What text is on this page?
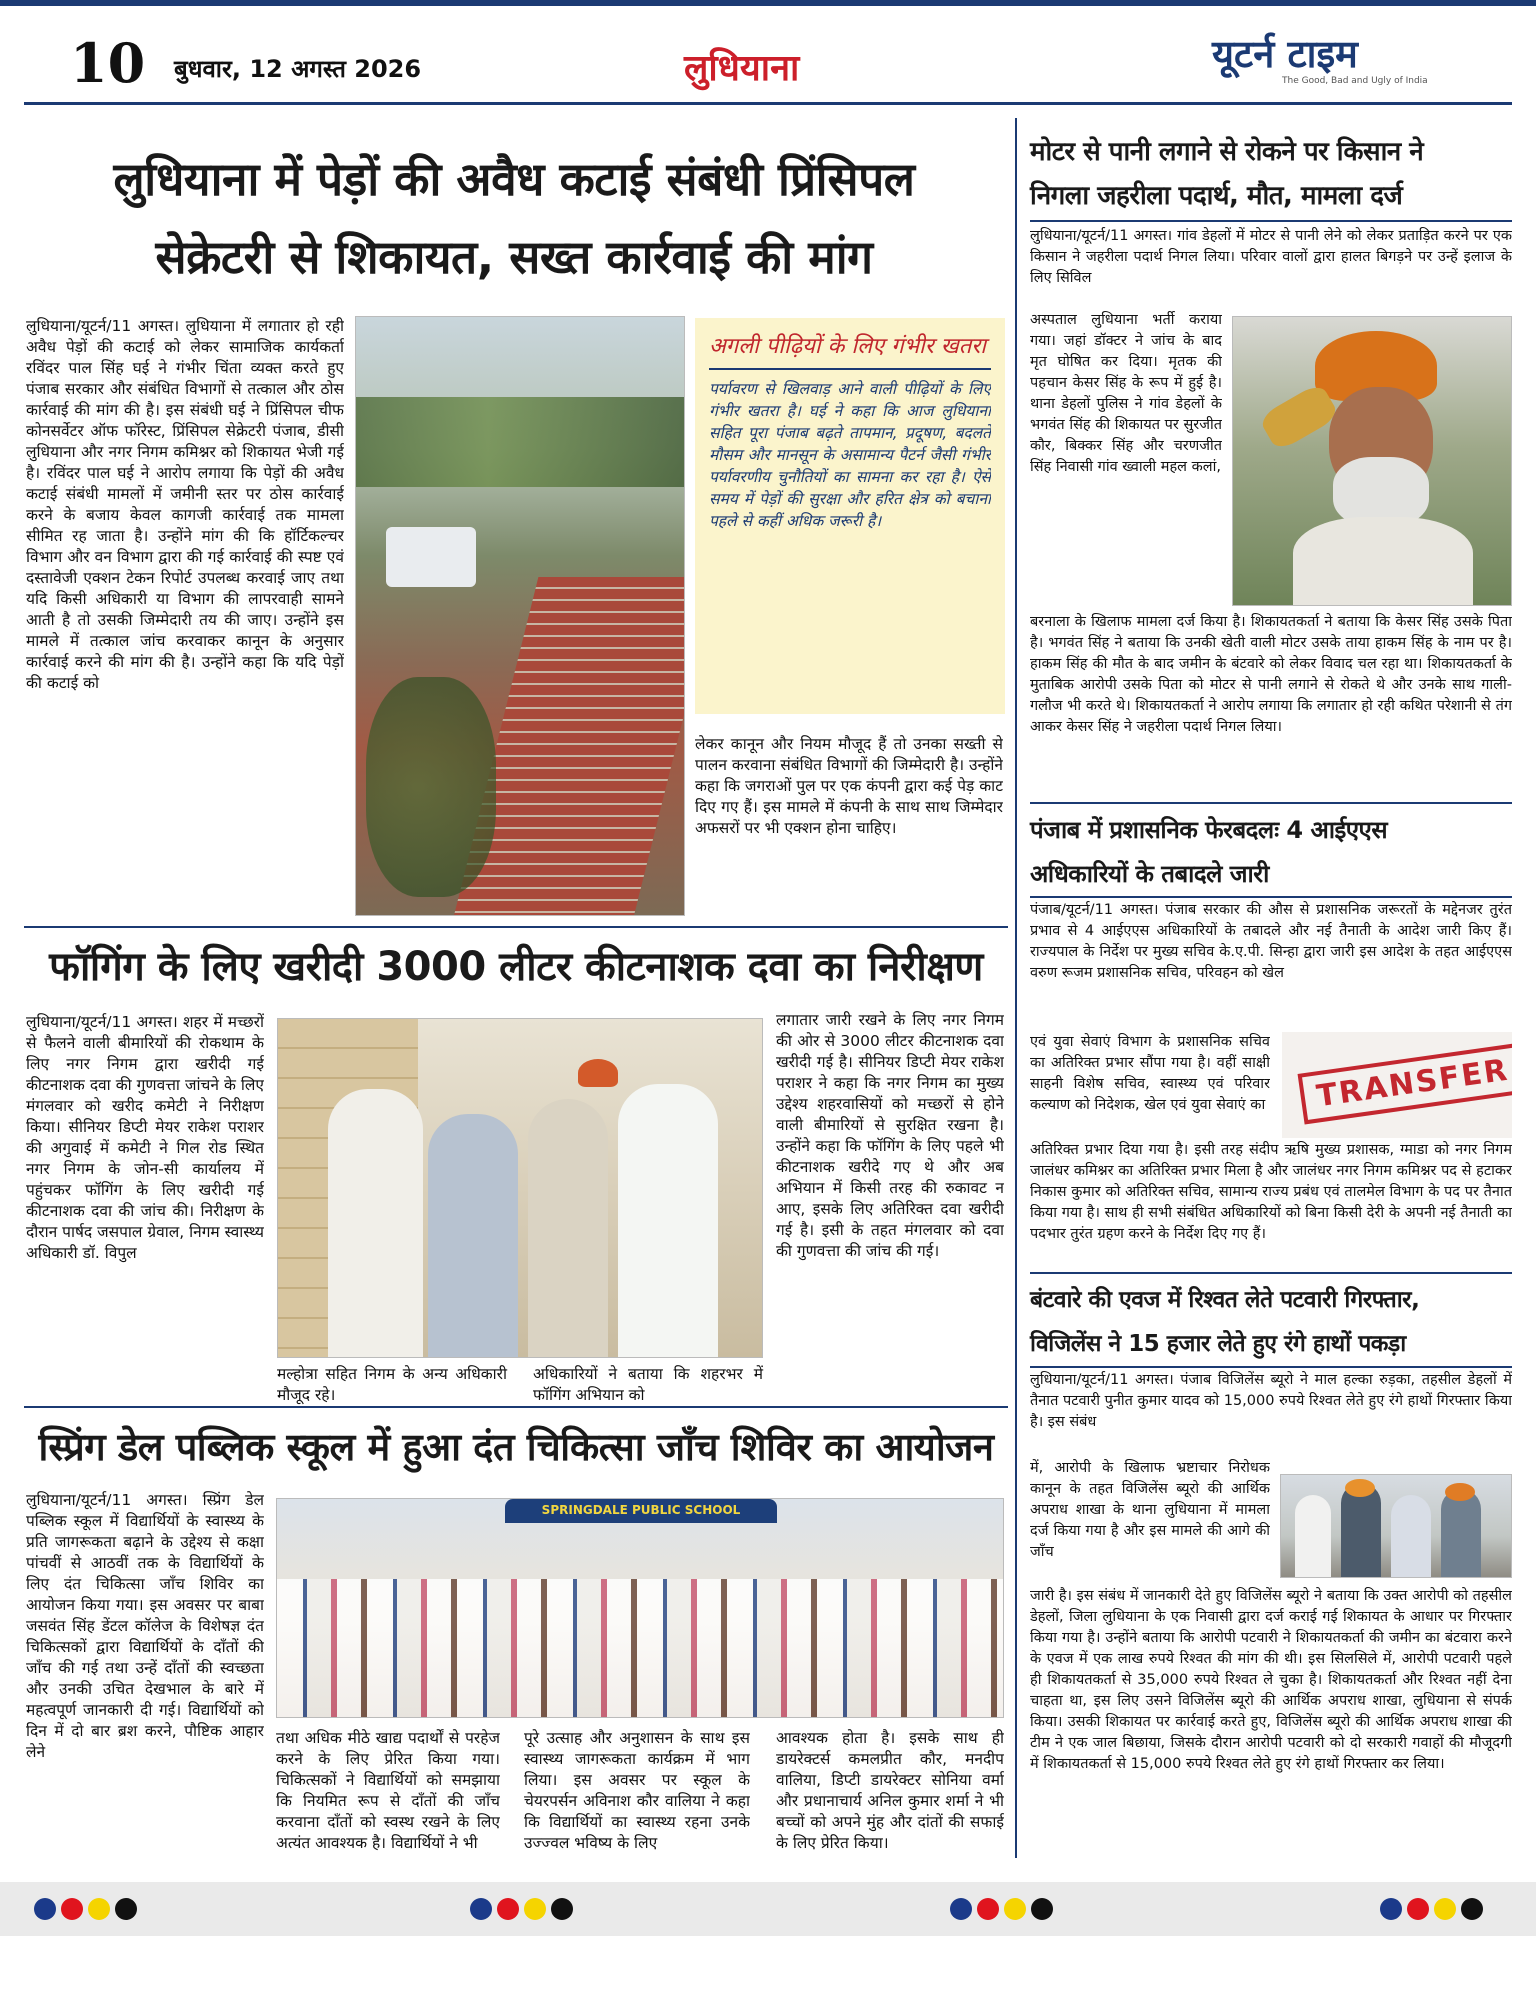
10 बुधवार, 12 अगस्त 2026	लुधियाना	यूटर्न टाइम
The Good, Bad and Ugly of India
लुधियाना में पेड़ों की अवैध कटाई संबंधी प्रिंसिपल
सेक्रेटरी से शिकायत, सख्त कार्रवाई की मांग
लुधियाना/यूटर्न/11 अगस्त। लुधियाना में लगातार हो रही अवैध पेड़ों की कटाई को लेकर सामाजिक कार्यकर्ता रविंदर पाल सिंह घई ने गंभीर चिंता व्यक्त करते हुए पंजाब सरकार और संबंधित विभागों से तत्काल और ठोस कार्रवाई की मांग की है। इस संबंधी घई ने प्रिंसिपल चीफ कोनसर्वेटर ऑफ फॉरेस्ट, प्रिंसिपल सेक्रेटरी पंजाब, डीसी लुधियाना और नगर निगम कमिश्नर को शिकायत भेजी गई है। रविंदर पाल घई ने आरोप लगाया कि पेड़ों की अवैध कटाई संबंधी मामलों में जमीनी स्तर पर ठोस कार्रवाई करने के बजाय केवल कागजी कार्रवाई तक मामला सीमित रह जाता है। उन्होंने मांग की कि हॉर्टिकल्चर विभाग और वन विभाग द्वारा की गई कार्रवाई की स्पष्ट एवं दस्तावेजी एक्शन टेकन रिपोर्ट उपलब्ध करवाई जाए तथा यदि किसी अधिकारी या विभाग की लापरवाही सामने आती है तो उसकी जिम्मेदारी तय की जाए। उन्होंने इस मामले में तत्काल जांच करवाकर कानून के अनुसार कार्रवाई करने की मांग की है। उन्होंने कहा कि यदि पेड़ों की कटाई को
अगली पीढ़ियों के लिए गंभीर खतरा
पर्यावरण से खिलवाड़ आने वाली पीढ़ियों के लिए गंभीर खतरा है। घई ने कहा कि आज लुधियाना सहित पूरा पंजाब बढ़ते तापमान, प्रदूषण, बदलते मौसम और मानसून के असामान्य पैटर्न जैसी गंभीर पर्यावरणीय चुनौतियों का सामना कर रहा है। ऐसे समय में पेड़ों की सुरक्षा और हरित क्षेत्र को बचाना पहले से कहीं अधिक जरूरी है।
लेकर कानून और नियम मौजूद हैं तो उनका सख्ती से पालन करवाना संबंधित विभागों की जिम्मेदारी है। उन्होंने कहा कि जगराओं पुल पर एक कंपनी द्वारा कई पेड़ काट दिए गए हैं। इस मामले में कंपनी के साथ साथ जिम्मेदार अफसरों पर भी एक्शन होना चाहिए।
फॉगिंग के लिए खरीदी 3000 लीटर कीटनाशक दवा का निरीक्षण
लुधियाना/यूटर्न/11 अगस्त। शहर में मच्छरों से फैलने वाली बीमारियों की रोकथाम के लिए नगर निगम द्वारा खरीदी गई कीटनाशक दवा की गुणवत्ता जांचने के लिए मंगलवार को खरीद कमेटी ने निरीक्षण किया। सीनियर डिप्टी मेयर राकेश पराशर की अगुवाई में कमेटी ने गिल रोड स्थित नगर निगम के जोन-सी कार्यालय में पहुंचकर फॉगिंग के लिए खरीदी गई कीटनाशक दवा की जांच की। निरीक्षण के दौरान पार्षद जसपाल ग्रेवाल, निगम स्वास्थ्य अधिकारी डॉ. विपुल
मल्होत्रा सहित निगम के अन्य अधिकारी मौजूद रहे।
अधिकारियों ने बताया कि शहरभर में फॉगिंग अभियान को
लगातार जारी रखने के लिए नगर निगम की ओर से 3000 लीटर कीटनाशक दवा खरीदी गई है। सीनियर डिप्टी मेयर राकेश पराशर ने कहा कि नगर निगम का मुख्य उद्देश्य शहरवासियों को मच्छरों से होने वाली बीमारियों से सुरक्षित रखना है। उन्होंने कहा कि फॉगिंग के लिए पहले भी कीटनाशक खरीदे गए थे और अब अभियान में किसी तरह की रुकावट न आए, इसके लिए अतिरिक्त दवा खरीदी गई है। इसी के तहत मंगलवार को दवा की गुणवत्ता की जांच की गई।
स्प्रिंग डेल पब्लिक स्कूल में हुआ दंत चिकित्सा जाँच शिविर का आयोजन
लुधियाना/यूटर्न/11 अगस्त। स्प्रिंग डेल पब्लिक स्कूल में विद्यार्थियों के स्वास्थ्य के प्रति जागरूकता बढ़ाने के उद्देश्य से कक्षा पांचवीं से आठवीं तक के विद्यार्थियों के लिए दंत चिकित्सा जाँच शिविर का आयोजन किया गया। इस अवसर पर बाबा जसवंत सिंह डेंटल कॉलेज के विशेषज्ञ दंत चिकित्सकों द्वारा विद्यार्थियों के दाँतों की जाँच की गई तथा उन्हें दाँतों की स्वच्छता और उनकी उचित देखभाल के बारे में महत्वपूर्ण जानकारी दी गई। विद्यार्थियों को दिन में दो बार ब्रश करने, पौष्टिक आहार लेने
SPRINGDALE PUBLIC SCHOOL
तथा अधिक मीठे खाद्य पदार्थों से परहेज करने के लिए प्रेरित किया गया। चिकित्सकों ने विद्यार्थियों को समझाया कि नियमित रूप से दाँतों की जाँच करवाना दाँतों को स्वस्थ रखने के लिए अत्यंत आवश्यक है। विद्यार्थियों ने भी
पूरे उत्साह और अनुशासन के साथ इस स्वास्थ्य जागरूकता कार्यक्रम में भाग लिया। इस अवसर पर स्कूल के चेयरपर्सन अविनाश कौर वालिया ने कहा कि विद्यार्थियों का स्वास्थ्य रहना उनके उज्ज्वल भविष्य के लिए
आवश्यक होता है। इसके साथ ही डायरेक्टर्स कमलप्रीत कौर, मनदीप वालिया, डिप्टी डायरेक्टर सोनिया वर्मा और प्रधानाचार्य अनिल कुमार शर्मा ने भी बच्चों को अपने मुंह और दांतों की सफाई के लिए प्रेरित किया।
मोटर से पानी लगाने से रोकने पर किसान ने
निगला जहरीला पदार्थ, मौत, मामला दर्ज
लुधियाना/यूटर्न/11 अगस्त। गांव डेहलों में मोटर से पानी लेने को लेकर प्रताड़ित करने पर एक किसान ने जहरीला पदार्थ निगल लिया। परिवार वालों द्वारा हालत बिगड़ने पर उन्हें इलाज के लिए सिविल
अस्पताल लुधियाना भर्ती कराया गया। जहां डॉक्टर ने जांच के बाद मृत घोषित कर दिया। मृतक की पहचान केसर सिंह के रूप में हुई है। थाना डेहलों पुलिस ने गांव डेहलों के भगवंत सिंह की शिकायत पर सुरजीत कौर, बिक्कर सिंह और चरणजीत सिंह निवासी गांव ख्वाली महल कलां,
बरनाला के खिलाफ मामला दर्ज किया है। शिकायतकर्ता ने बताया कि केसर सिंह उसके पिता है। भगवंत सिंह ने बताया कि उनकी खेती वाली मोटर उसके ताया हाकम सिंह के नाम पर है। हाकम सिंह की मौत के बाद जमीन के बंटवारे को लेकर विवाद चल रहा था। शिकायतकर्ता के मुताबिक आरोपी उसके पिता को मोटर से पानी लगाने से रोकते थे और उनके साथ गाली-गलौज भी करते थे। शिकायतकर्ता ने आरोप लगाया कि लगातार हो रही कथित परेशानी से तंग आकर केसर सिंह ने जहरीला पदार्थ निगल लिया।
पंजाब में प्रशासनिक फेरबदलः 4 आईएएस
अधिकारियों के तबादले जारी
पंजाब/यूटर्न/11 अगस्त। पंजाब सरकार की औस से प्रशासनिक जरूरतों के मद्देनजर तुरंत प्रभाव से 4 आईएएस अधिकारियों के तबादले और नई तैनाती के आदेश जारी किए हैं। राज्यपाल के निर्देश पर मुख्य सचिव के.ए.पी. सिन्हा द्वारा जारी इस आदेश के तहत आईएएस वरुण रूजम प्रशासनिक सचिव, परिवहन को खेल
एवं युवा सेवाएं विभाग के प्रशासनिक सचिव का अतिरिक्त प्रभार सौंपा गया है। वहीं साक्षी साहनी विशेष सचिव, स्वास्थ्य एवं परिवार कल्याण को निदेशक, खेल एवं युवा सेवाएं का	TRANSFER
अतिरिक्त प्रभार दिया गया है। इसी तरह संदीप ऋषि मुख्य प्रशासक, ग्माडा को नगर निगम जालंधर कमिश्नर का अतिरिक्त प्रभार मिला है और जालंधर नगर निगम कमिश्नर पद से हटाकर निकास कुमार को अतिरिक्त सचिव, सामान्य राज्य प्रबंध एवं तालमेल विभाग के पद पर तैनात किया गया है। साथ ही सभी संबंधित अधिकारियों को बिना किसी देरी के अपनी नई तैनाती का पदभार तुरंत ग्रहण करने के निर्देश दिए गए हैं।
बंटवारे की एवज में रिश्वत लेते पटवारी गिरफ्तार,
विजिलेंस ने 15 हजार लेते हुए रंगे हाथों पकड़ा
लुधियाना/यूटर्न/11 अगस्त। पंजाब विजिलेंस ब्यूरो ने माल हल्का रुड़का, तहसील डेहलों में तैनात पटवारी पुनीत कुमार यादव को 15,000 रुपये रिश्वत लेते हुए रंगे हाथों गिरफ्तार किया है। इस संबंध
में, आरोपी के खिलाफ भ्रष्टाचार निरोधक कानून के तहत विजिलेंस ब्यूरो की आर्थिक अपराध शाखा के थाना लुधियाना में मामला दर्ज किया गया है और इस मामले की आगे की जाँच
जारी है। इस संबंध में जानकारी देते हुए विजिलेंस ब्यूरो ने बताया कि उक्त आरोपी को तहसील डेहलों, जिला लुधियाना के एक निवासी द्वारा दर्ज कराई गई शिकायत के आधार पर गिरफ्तार किया गया है। उन्होंने बताया कि आरोपी पटवारी ने शिकायतकर्ता की जमीन का बंटवारा करने के एवज में एक लाख रुपये रिश्वत की मांग की थी। इस सिलसिले में, आरोपी पटवारी पहले ही शिकायतकर्ता से 35,000 रुपये रिश्वत ले चुका है। शिकायतकर्ता और रिश्वत नहीं देना चाहता था, इस लिए उसने विजिलेंस ब्यूरो की आर्थिक अपराध शाखा, लुधियाना से संपर्क किया। उसकी शिकायत पर कार्रवाई करते हुए, विजिलेंस ब्यूरो की आर्थिक अपराध शाखा की टीम ने एक जाल बिछाया, जिसके दौरान आरोपी पटवारी को दो सरकारी गवाहों की मौजूदगी में शिकायतकर्ता से 15,000 रुपये रिश्वत लेते हुए रंगे हाथों गिरफ्तार कर लिया।
